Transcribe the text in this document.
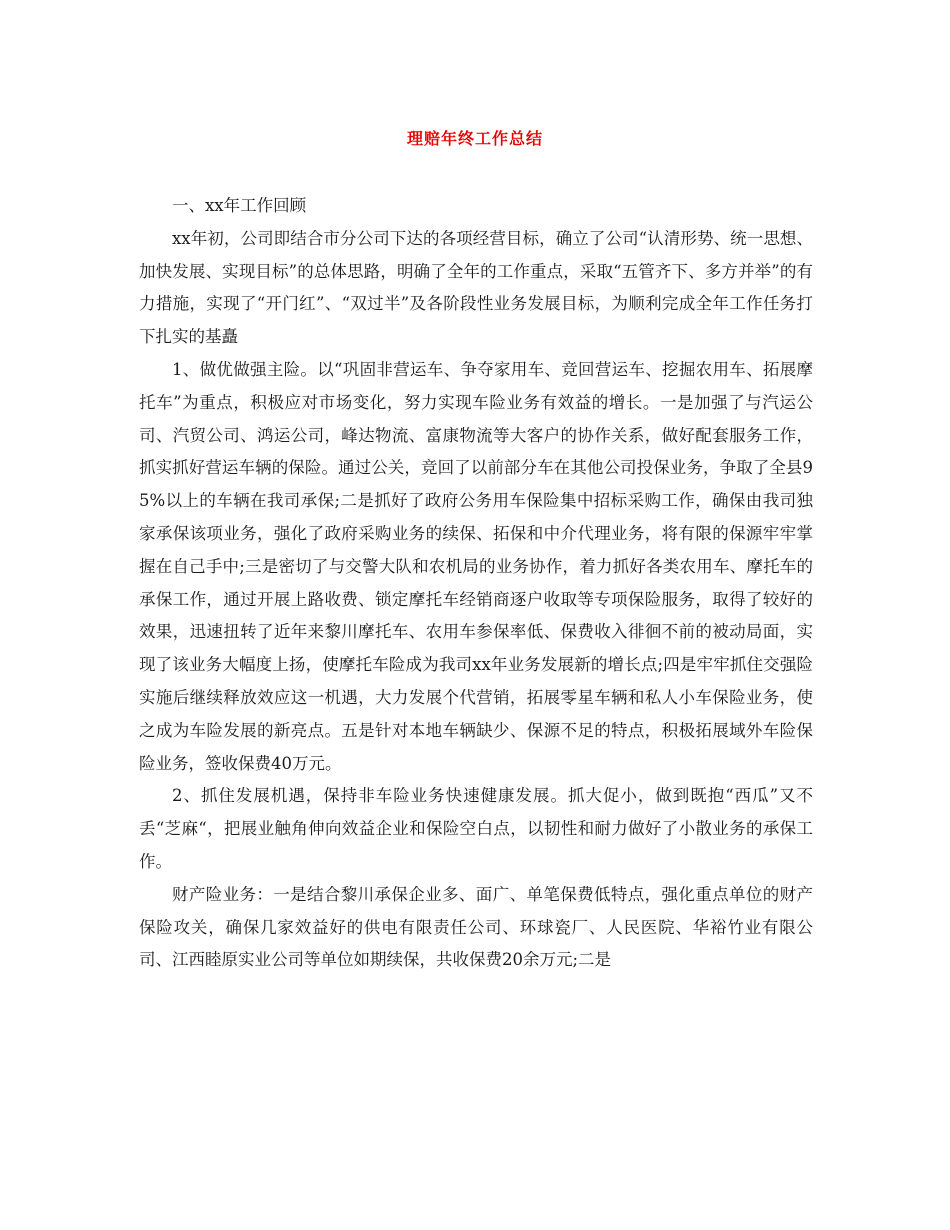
理赔年终工作总结

一、xx年工作回顾

xx年初，公司即结合市分公司下达的各项经营目标，确立了公司“认清形势、统一思想、加快发展、实现目标”的总体思路，明确了全年的工作重点，采取“五管齐下、多方并举”的有力措施，实现了“开门红”、“双过半”及各阶段性业务发展目标，为顺利完成全年工作任务打下扎实的基矗

1、做优做强主险。以“巩固非营运车、争夺家用车、竞回营运车、挖掘农用车、拓展摩托车”为重点，积极应对市场变化，努力实现车险业务有效益的增长。一是加强了与汽运公司、汽贸公司、鸿运公司，峰达物流、富康物流等大客户的协作关系，做好配套服务工作，抓实抓好营运车辆的保险。通过公关，竞回了以前部分车在其他公司投保业务，争取了全县95%以上的车辆在我司承保;二是抓好了政府公务用车保险集中招标采购工作，确保由我司独家承保该项业务，强化了政府采购业务的续保、拓保和中介代理业务，将有限的保源牢牢掌握在自己手中;三是密切了与交警大队和农机局的业务协作，着力抓好各类农用车、摩托车的承保工作，通过开展上路收费、锁定摩托车经销商逐户收取等专项保险服务，取得了较好的效果，迅速扭转了近年来黎川摩托车、农用车参保率低、保费收入徘徊不前的被动局面，实现了该业务大幅度上扬，使摩托车险成为我司xx年业务发展新的增长点;四是牢牢抓住交强险实施后继续释放效应这一机遇，大力发展个代营销，拓展零星车辆和私人小车保险业务，使之成为车险发展的新亮点。五是针对本地车辆缺少、保源不足的特点，积极拓展域外车险保险业务，签收保费40万元。

2、抓住发展机遇，保持非车险业务快速健康发展。抓大促小，做到既抱“西瓜”又不丢“芝麻“，把展业触角伸向效益企业和保险空白点，以韧性和耐力做好了小散业务的承保工作。

财产险业务：一是结合黎川承保企业多、面广、单笔保费低特点，强化重点单位的财产保险攻关，确保几家效益好的供电有限责任公司、环球瓷厂、人民医院、华裕竹业有限公司、江西睦原实业公司等单位如期续保，共收保费20余万元;二是
